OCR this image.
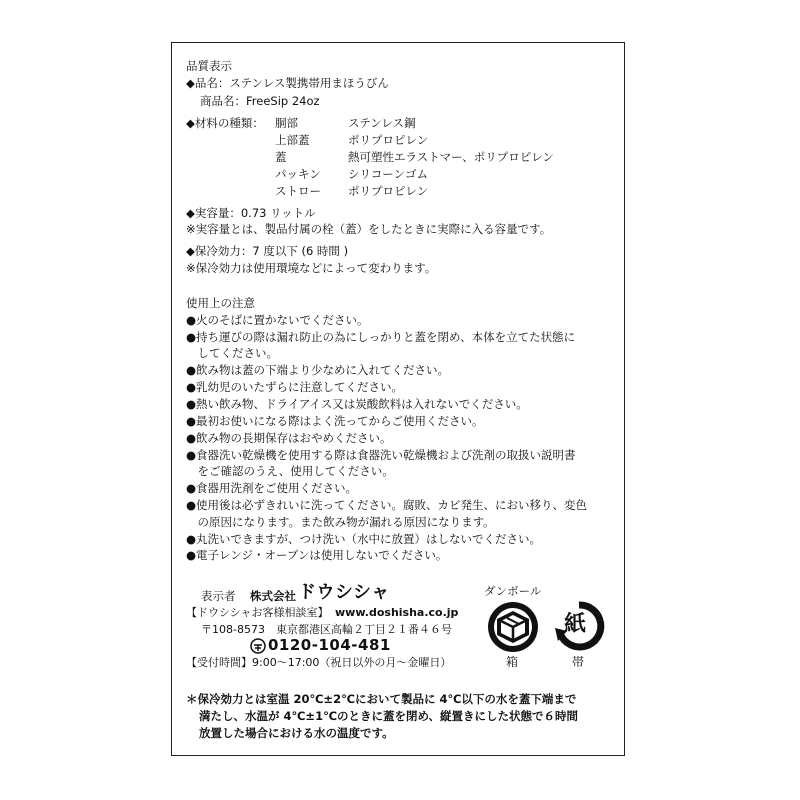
品質表示
◆品名：ステンレス製携帯用まほうびん
商品名：FreeSip 24oz
◆材料の種類： 胴部	ステンレス鋼
上部蓋	ポリプロピレン
蓋	熱可塑性エラストマー、ポリプロピレン
パッキン シリコーンゴム
ストロー ポリプロピレン
◆実容量：0.73 リットル
※実容量とは、製品付属の栓（蓋）をしたときに実際に入る容量です。
◆保冷効力：7 度以下 (6 時間 )
※保冷効力は使用環境などによって変わります。
使用上の注意
●火のそばに置かないでください。
●持ち運びの際は漏れ防止の為にしっかりと蓋を閉め、本体を立てた状態に
　してください。
●飲み物は蓋の下端より少なめに入れてください。
●乳幼児のいたずらに注意してください。
●熱い飲み物、ドライアイス又は炭酸飲料は入れないでください。
●最初お使いになる際はよく洗ってからご使用ください。
●飲み物の長期保存はおやめください。
●食器洗い乾燥機を使用する際は食器洗い乾燥機および洗剤の取扱い説明書
　をご確認のうえ、使用してください。
●食器用洗剤をご使用ください。
●使用後は必ずきれいに洗ってください。腐敗、カビ発生、におい移り、変色
　の原因になります。また飲み物が漏れる原因になります。
●丸洗いできますが、つけ洗い（水中に放置）はしないでください。
●電子レンジ・オーブンは使用しないでください。
表示者 株式会社 ドウシシャ
【ドウシシャお客様相談室】 www.doshisha.co.jp
〒108-8573　東京都港区高輪２丁目２１番４６号
0120-104-481
【受付時間】9:00～17:00（祝日以外の月～金曜日）
ダンボール
箱
紙
帯
＊保冷効力とは室温 20℃±2℃において製品に 4℃以下の水を蓋下端まで
満たし、水温が 4℃±1℃のときに蓋を閉め、縦置きにした状態で６時間
放置した場合における水の温度です。
